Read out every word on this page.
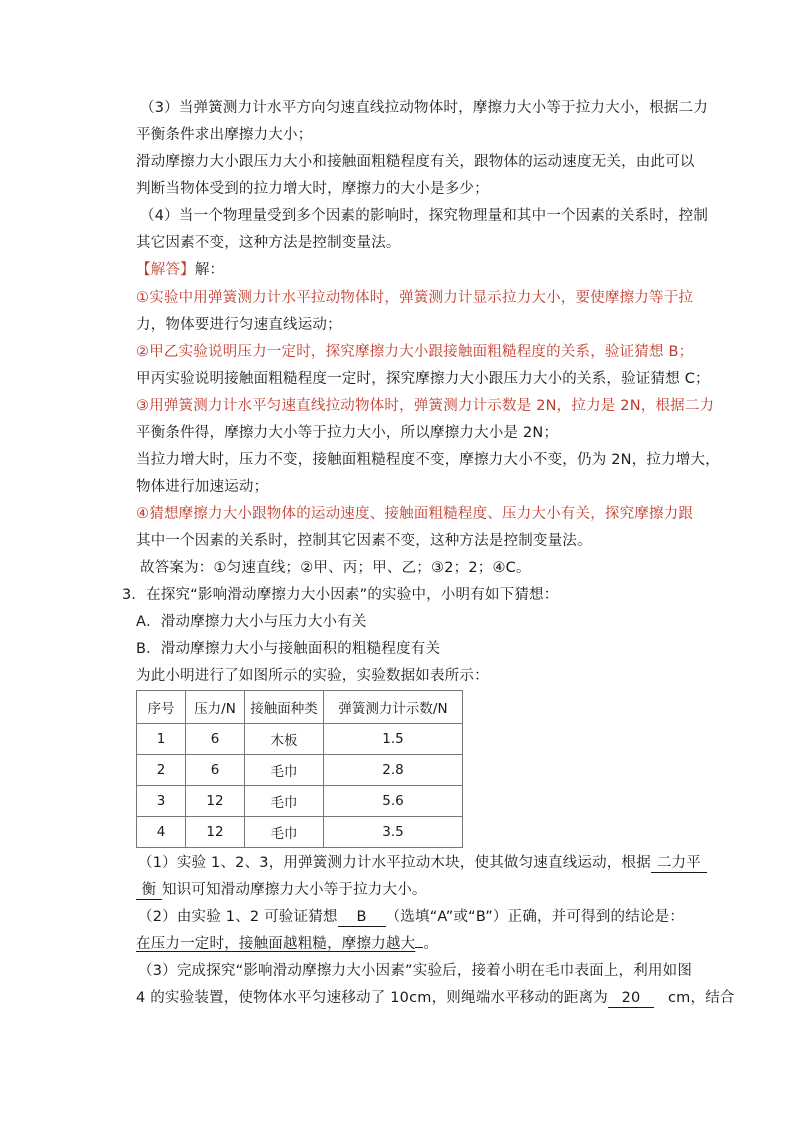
（3）当弹簧测力计水平方向匀速直线拉动物体时，摩擦力大小等于拉力大小，根据二力
平衡条件求出摩擦力大小；
滑动摩擦力大小跟压力大小和接触面粗糙程度有关，跟物体的运动速度无关，由此可以
判断当物体受到的拉力增大时，摩擦力的大小是多少；
（4）当一个物理量受到多个因素的影响时，探究物理量和其中一个因素的关系时，控制
其它因素不变，这种方法是控制变量法。
【解答】解：
①实验中用弹簧测力计水平拉动物体时，弹簧测力计显示拉力大小，要使摩擦力等于拉
力，物体要进行匀速直线运动；
②甲乙实验说明压力一定时，探究摩擦力大小跟接触面粗糙程度的关系，验证猜想 B；
甲丙实验说明接触面粗糙程度一定时，探究摩擦力大小跟压力大小的关系，验证猜想 C；
③用弹簧测力计水平匀速直线拉动物体时，弹簧测力计示数是 2N，拉力是 2N，根据二力
平衡条件得，摩擦力大小等于拉力大小，所以摩擦力大小是 2N；
当拉力增大时，压力不变，接触面粗糙程度不变，摩擦力大小不变，仍为 2N，拉力增大，
物体进行加速运动；
④猜想摩擦力大小跟物体的运动速度、接触面粗糙程度、压力大小有关，探究摩擦力跟
其中一个因素的关系时，控制其它因素不变，这种方法是控制变量法。
故答案为：①匀速直线；②甲、丙；甲、乙；③2；2；④C。
3．在探究“影响滑动摩擦力大小因素”的实验中，小明有如下猜想：
A．滑动摩擦力大小与压力大小有关
B．滑动摩擦力大小与接触面积的粗糙程度有关
为此小明进行了如图所示的实验，实验数据如表所示：
序号	压力/N	接触面种类	弹簧测力计示数/N
1	6	木板	1.5
2	6	毛巾	2.8
3	12	毛巾	5.6
4	12	毛巾	3.5
（1）实验 1、2、3，用弹簧测力计水平拉动木块，使其做匀速直线运动，根据 二力平
衡 知识可知滑动摩擦力大小等于拉力大小。
（2）由实验 1、2 可验证猜想 B （选填“A”或“B”）正确，并可得到的结论是：
在压力一定时，接触面越粗糙，摩擦力越大 。
（3）完成探究“影响滑动摩擦力大小因素”实验后，接着小明在毛巾表面上，利用如图
4 的实验装置，使物体水平匀速移动了 10cm，则绳端水平移动的距离为 20 cm，结合
